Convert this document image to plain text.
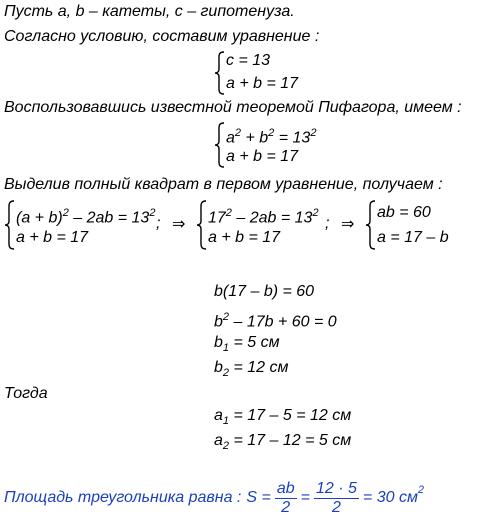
Пусть a, b – катеты, c – гипотенуза.
Согласно условию, составим уравнение :
c = 13
a + b = 17
Воспользовавшись известной теоремой Пифагора, имеем :
$a^2 + b^2 = 13^2$
a + b = 17
Выделив полный квадрат в первом уравнение, получаем :
$(a + b)^2 - 2ab = 13^2$
a + b = 17
; ⇒ $17^2 - 2ab = 13^2$
a + b = 17
; ⇒
ab = 60
a = 17 – b
b(17 – b) = 60
$b^2 - 17b + 60 = 0$
$b_1 = 5$ см
$b_2 = 12$ см
Тогда
$a_1 = 17 - 5 = 12$ см
$a_2 = 17 - 12 = 5$ см
Площадь треугольника равна : $S = \frac{ab}{2} = \frac{12 \cdot 5}{2} = 30$ $см^2$
